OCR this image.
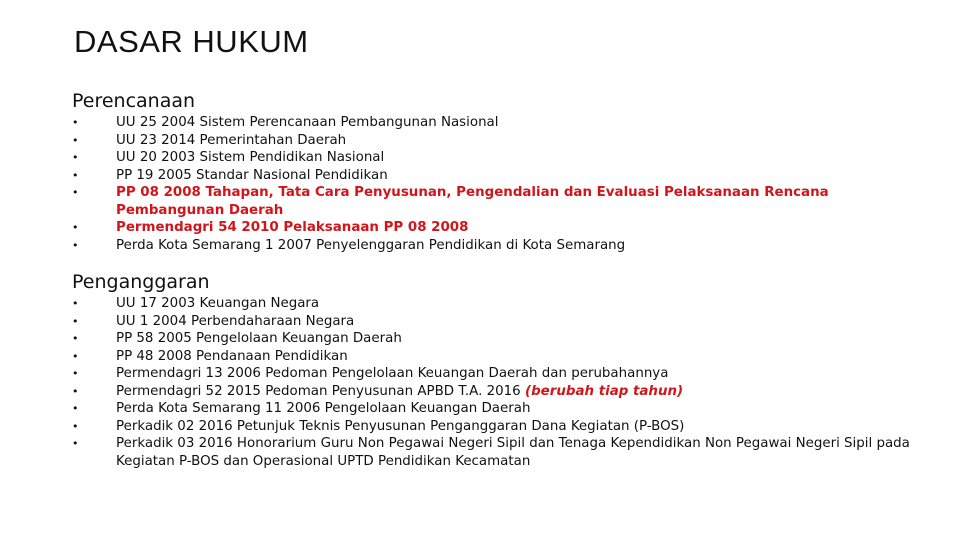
DASAR HUKUM
Perencanaan
•	UU 25 2004 Sistem Perencanaan Pembangunan Nasional
•	UU 23 2014 Pemerintahan Daerah
•	UU 20 2003 Sistem Pendidikan Nasional
•	PP 19 2005 Standar Nasional Pendidikan
•	PP 08 2008 Tahapan, Tata Cara Penyusunan, Pengendalian dan Evaluasi Pelaksanaan Rencana Pembangunan Daerah
•	Permendagri 54 2010 Pelaksanaan PP 08 2008
•	Perda Kota Semarang 1 2007 Penyelenggaran Pendidikan di Kota Semarang
Penganggaran
•	UU 17 2003 Keuangan Negara
•	UU 1 2004 Perbendaharaan Negara
•	PP 58 2005 Pengelolaan Keuangan Daerah
•	PP 48 2008 Pendanaan Pendidikan
•	Permendagri 13 2006 Pedoman Pengelolaan Keuangan Daerah dan perubahannya
•	Permendagri 52 2015 Pedoman Penyusunan APBD T.A. 2016 (berubah tiap tahun)
•	Perda Kota Semarang 11 2006 Pengelolaan Keuangan Daerah
•	Perkadik 02 2016 Petunjuk Teknis Penyusunan Penganggaran Dana Kegiatan (P-BOS)
•	Perkadik 03 2016 Honorarium Guru Non Pegawai Negeri Sipil dan Tenaga Kependidikan Non Pegawai Negeri Sipil pada Kegiatan P-BOS dan Operasional UPTD Pendidikan Kecamatan
